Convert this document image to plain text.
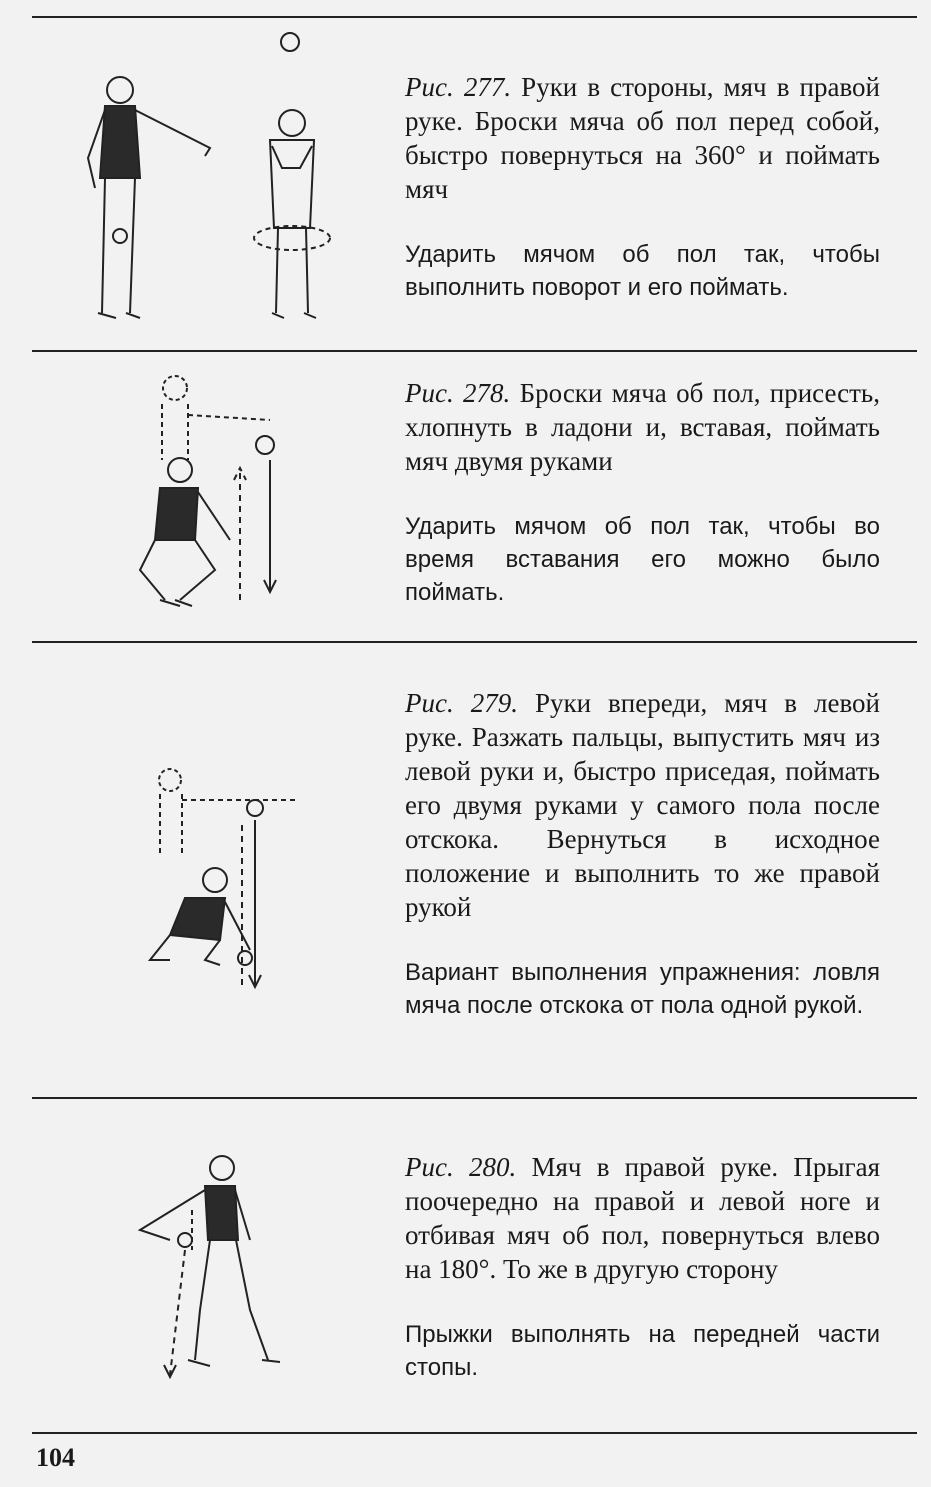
Рис. 277. Руки в стороны, мяч в правой руке. Броски мяча об пол перед собой, быстро повернуться на 360° и поймать мяч

Ударить мячом об пол так, чтобы выполнить поворот и его поймать.

Рис. 278. Броски мяча об пол, присесть, хлопнуть в ладони и, вставая, поймать мяч двумя руками

Ударить мячом об пол так, чтобы во время вставания его можно было поймать.

Рис. 279. Руки впереди, мяч в левой руке. Разжать пальцы, выпустить мяч из левой руки и, быстро приседая, поймать его двумя руками у самого пола после отскока. Вернуться в исходное положение и выполнить то же правой рукой

Вариант выполнения упражнения: ловля мяча после отскока от пола одной рукой.

Рис. 280. Мяч в правой руке. Прыгая поочередно на правой и левой ноге и отбивая мяч об пол, повернуться влево на 180°. То же в другую сторону

Прыжки выполнять на передней части стопы.

104
